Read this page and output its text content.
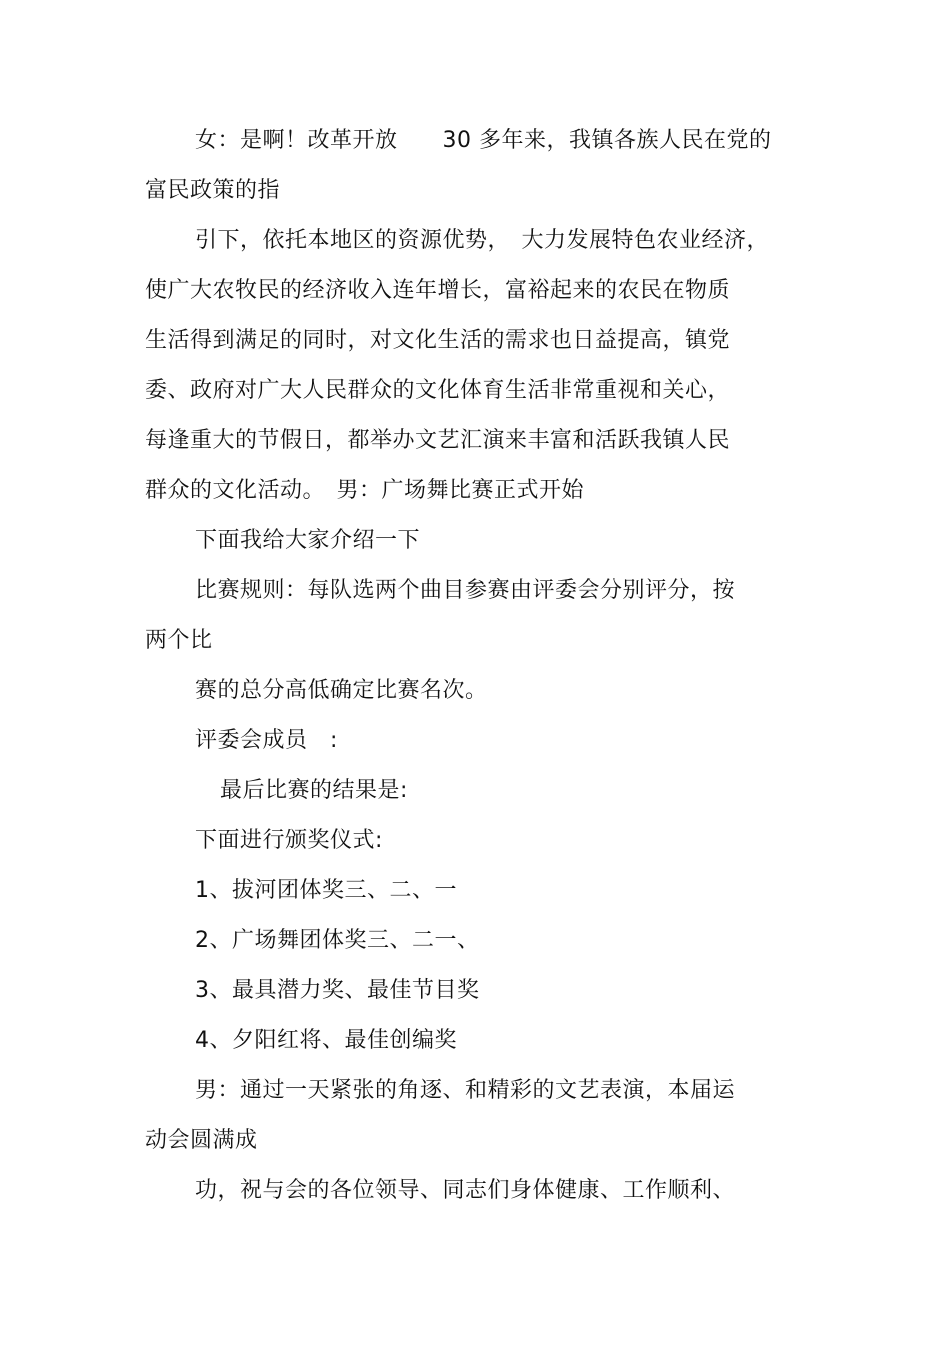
女：是啊！改革开放　　30 多年来，我镇各族人民在党的
富民政策的指
引下，依托本地区的资源优势，　大力发展特色农业经济，
使广大农牧民的经济收入连年增长，富裕起来的农民在物质
生活得到满足的同时，对文化生活的需求也日益提高，镇党
委、政府对广大人民群众的文化体育生活非常重视和关心，
每逢重大的节假日，都举办文艺汇演来丰富和活跃我镇人民
群众的文化活动。　男：广场舞比赛正式开始
下面我给大家介绍一下
比赛规则：每队选两个曲目参赛由评委会分别评分，按
两个比
赛的总分高低确定比赛名次。
评委会成员　:
最后比赛的结果是:
下面进行颁奖仪式:
1、拔河团体奖三、二、一
2、广场舞团体奖三、二一、
3、最具潜力奖、最佳节目奖
4、夕阳红将、最佳创编奖
男：通过一天紧张的角逐、和精彩的文艺表演，本届运
动会圆满成
功，祝与会的各位领导、同志们身体健康、工作顺利、
